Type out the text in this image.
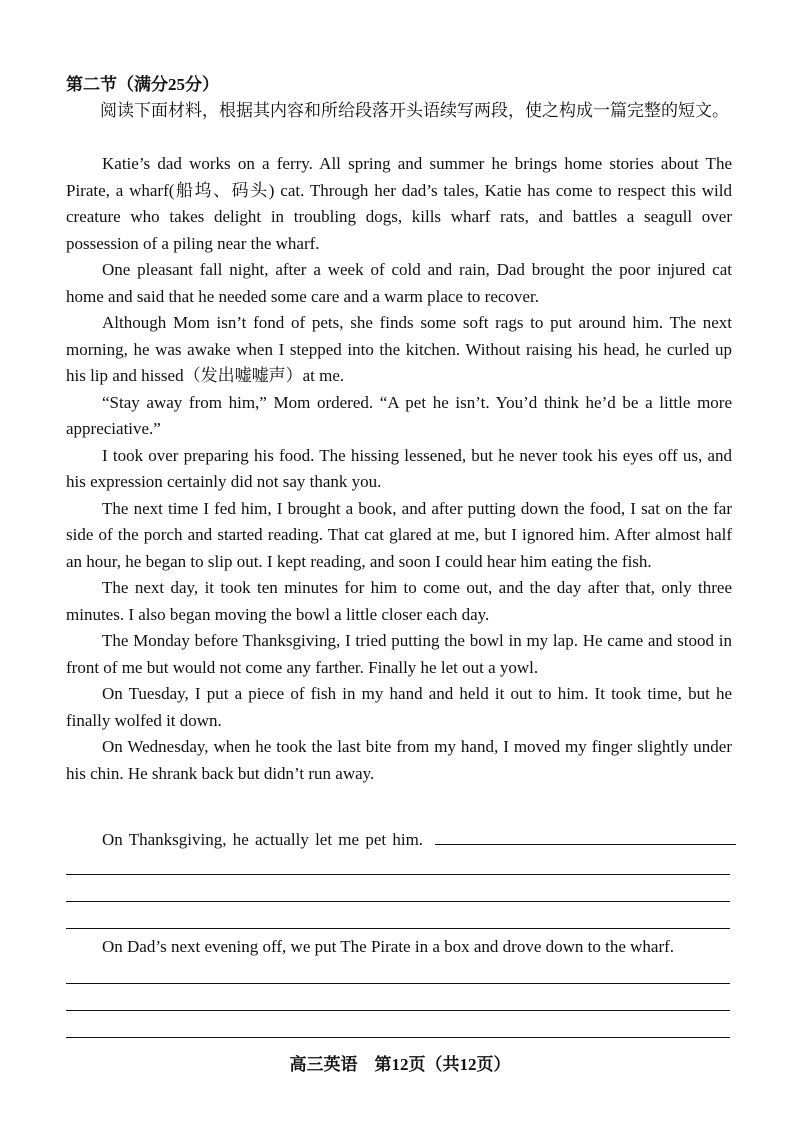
第二节（满分25分）
阅读下面材料，根据其内容和所给段落开头语续写两段，使之构成一篇完整的短文。

Katie’s dad works on a ferry. All spring and summer he brings home stories about The Pirate, a wharf(船坞、码头) cat. Through her dad’s tales, Katie has come to respect this wild creature who takes delight in troubling dogs, kills wharf rats, and battles a seagull over possession of a piling near the wharf.

One pleasant fall night, after a week of cold and rain, Dad brought the poor injured cat home and said that he needed some care and a warm place to recover.

Although Mom isn’t fond of pets, she finds some soft rags to put around him. The next morning, he was awake when I stepped into the kitchen. Without raising his head, he curled up his lip and hissed（发出嘘嘘声）at me.

“Stay away from him,” Mom ordered. “A pet he isn’t. You’d think he’d be a little more appreciative.”

I took over preparing his food. The hissing lessened, but he never took his eyes off us, and his expression certainly did not say thank you.

The next time I fed him, I brought a book, and after putting down the food, I sat on the far side of the porch and started reading. That cat glared at me, but I ignored him. After almost half an hour, he began to slip out. I kept reading, and soon I could hear him eating the fish.

The next day, it took ten minutes for him to come out, and the day after that, only three minutes. I also began moving the bowl a little closer each day.

The Monday before Thanksgiving, I tried putting the bowl in my lap. He came and stood in front of me but would not come any farther. Finally he let out a yowl.

On Tuesday, I put a piece of fish in my hand and held it out to him. It took time, but he finally wolfed it down.

On Wednesday, when he took the last bite from my hand, I moved my finger slightly under his chin. He shrank back but didn’t run away.

On Thanksgiving, he actually let me pet him.
On Dad’s next evening off, we put The Pirate in a box and drove down to the wharf.
高三英语　第12页（共12页）
